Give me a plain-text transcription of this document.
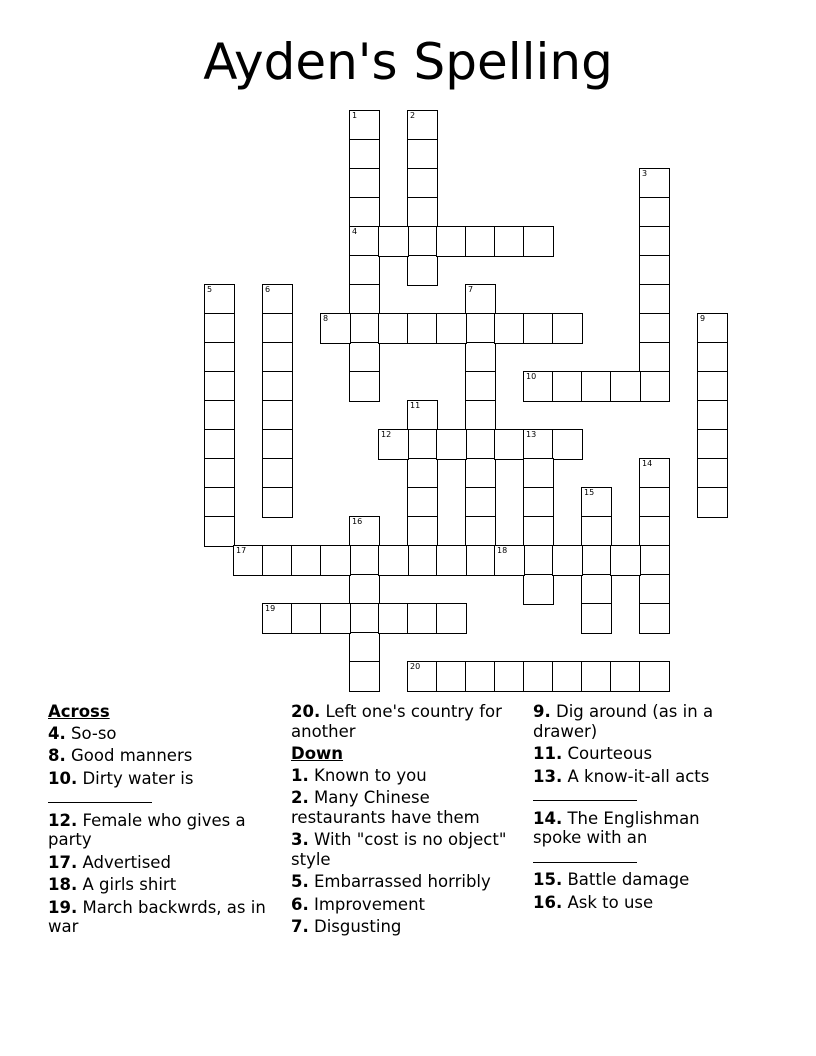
Ayden's Spelling
1
4
2
3
5	6	7
8	9
10
11
12	13
14
15
16
17	18
19
20
Across
4. So-so
8. Good manners
10. Dirty water is

12. Female who gives a party
17. Advertised
18. A girls shirt
19. March backwrds, as in war
20. Left one's country for another
Down
1. Known to you
2. Many Chinese restaurants have them
3. With "cost is no object" style
5. Embarrassed horribly
6. Improvement
7. Disgusting
9. Dig around (as in a drawer)
11. Courteous
13. A know-it-all acts

14. The Englishman spoke with an

15. Battle damage
16. Ask to use
